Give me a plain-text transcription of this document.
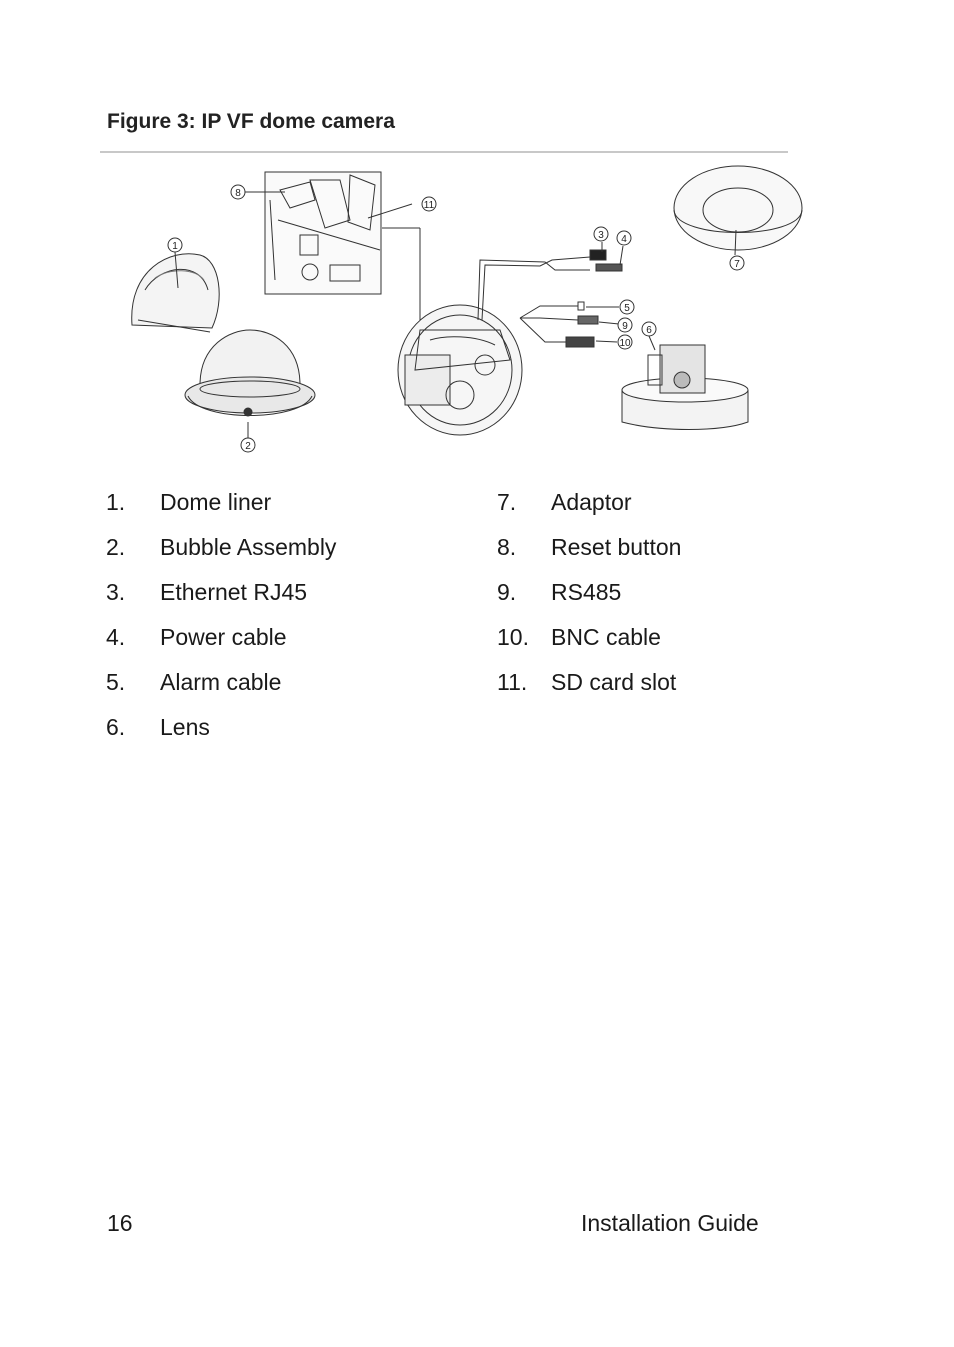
Figure 3: IP VF dome camera
8
11
1
2
3 4
7
5
9
10
6
1.	Dome liner
2.	Bubble Assembly
3.	Ethernet RJ45
4.	Power cable
5.	Alarm cable
6.	Lens
7.	Adaptor
8.	Reset button
9.	RS485
10. BNC cable
11.	SD card slot
16	Installation Guide
